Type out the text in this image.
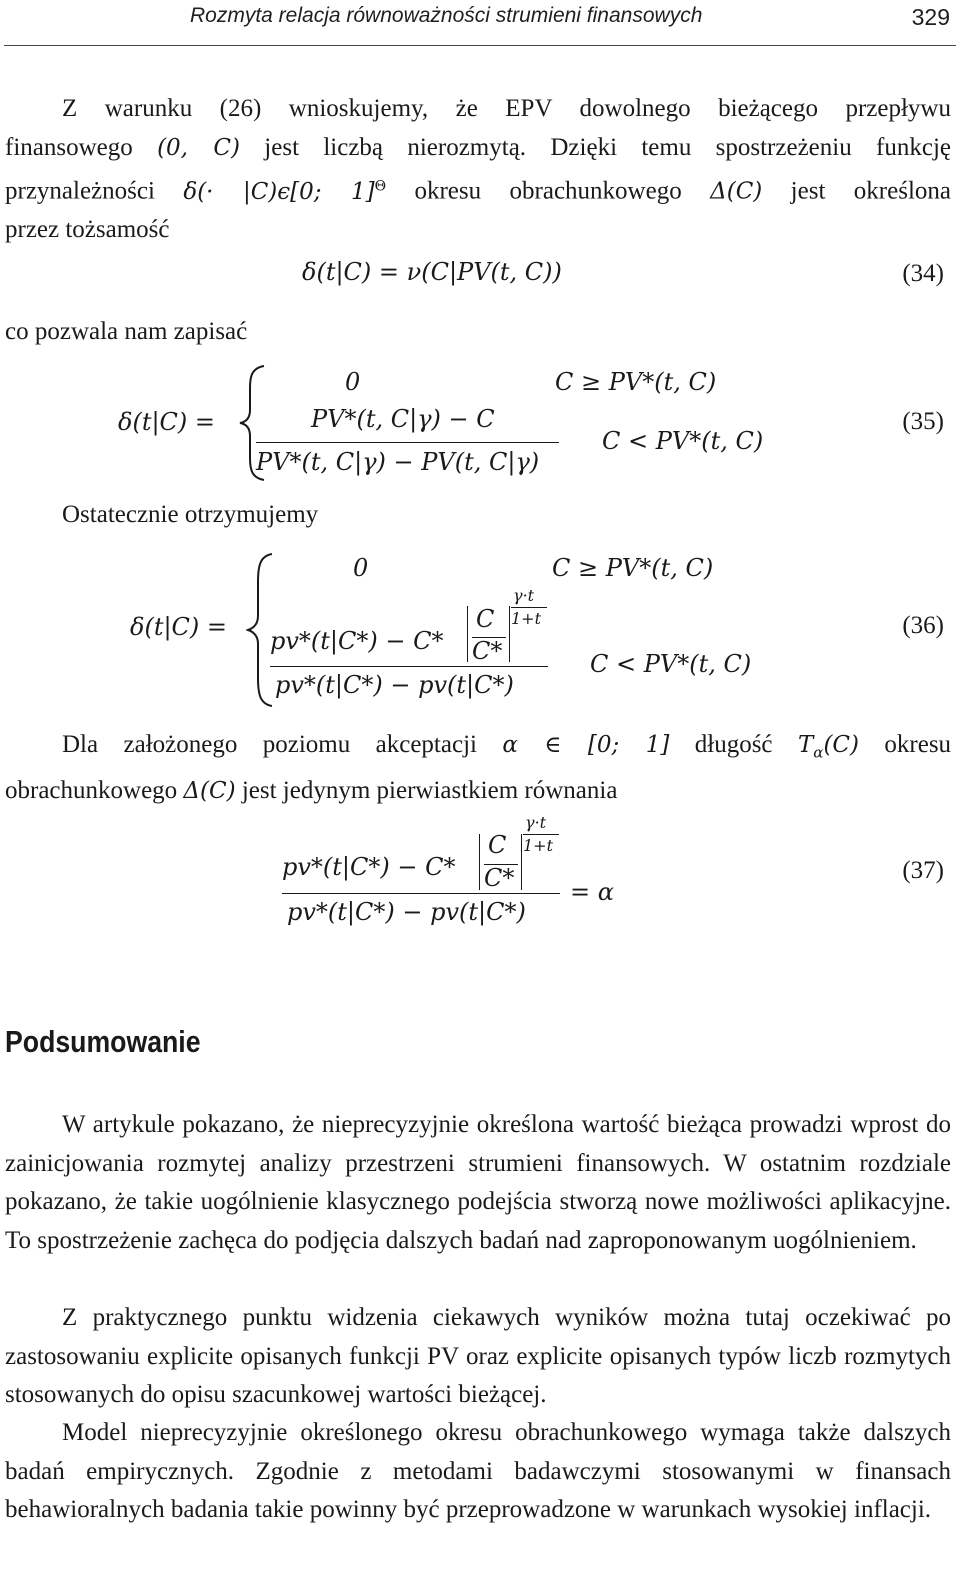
Rozmyta relacja równoważności strumieni finansowych	329
Z warunku (26) wnioskujemy, że EPV dowolnego bieżącego przepływu
finansowego (0, C) jest liczbą nierozmytą. Dzięki temu spostrzeżeniu funkcję
przynależności δ(· |C)ϵ[0; 1]$^\Theta$ okresu obrachunkowego Δ(C) jest określona
przez tożsamość
δ(t|C) = ν(C|PV(t, C))	(34)
co pozwala nam zapisać
δ(t|C) =
0	C ≥ PV*(t, C)
PV*(t, C|γ) − C
PV*(t, C|γ) − PV(t, C|γ)
C < PV*(t, C)
(35)
Ostatecznie otrzymujemy
δ(t|C) =
0	C ≥ PV*(t, C)
pv*(t|C*) − C*
C
C*
γ·t
1+t
pv*(t|C*) − pv(t|C*)
C < PV*(t, C)
(36)
Dla założonego poziomu akceptacji α ∈ [0; 1] długość $T_\alpha(C)$ okresu
obrachunkowego Δ(C) jest jedynym pierwiastkiem równania
pv*(t|C*) − C*
C
C*
γ·t
1+t
pv*(t|C*) − pv(t|C*)
= α
(37)
Podsumowanie

W artykule pokazano, że nieprecyzyjnie określona wartość bieżąca prowadzi wprost do zainicjowania rozmytej analizy przestrzeni strumieni finansowych. W ostatnim rozdziale pokazano, że takie uogólnienie klasycznego podejścia stworzą nowe możliwości aplikacyjne. To spostrzeżenie zachęca do podjęcia dalszych badań nad zaproponowanym uogólnieniem.

Z praktycznego punktu widzenia ciekawych wyników można tutaj oczekiwać po zastosowaniu explicite opisanych funkcji PV oraz explicite opisanych typów liczb rozmytych stosowanych do opisu szacunkowej wartości bieżącej.

Model nieprecyzyjnie określonego okresu obrachunkowego wymaga także dalszych badań empirycznych. Zgodnie z metodami badawczymi stosowanymi w finansach behawioralnych badania takie powinny być przeprowadzone w warunkach wysokiej inflacji.
